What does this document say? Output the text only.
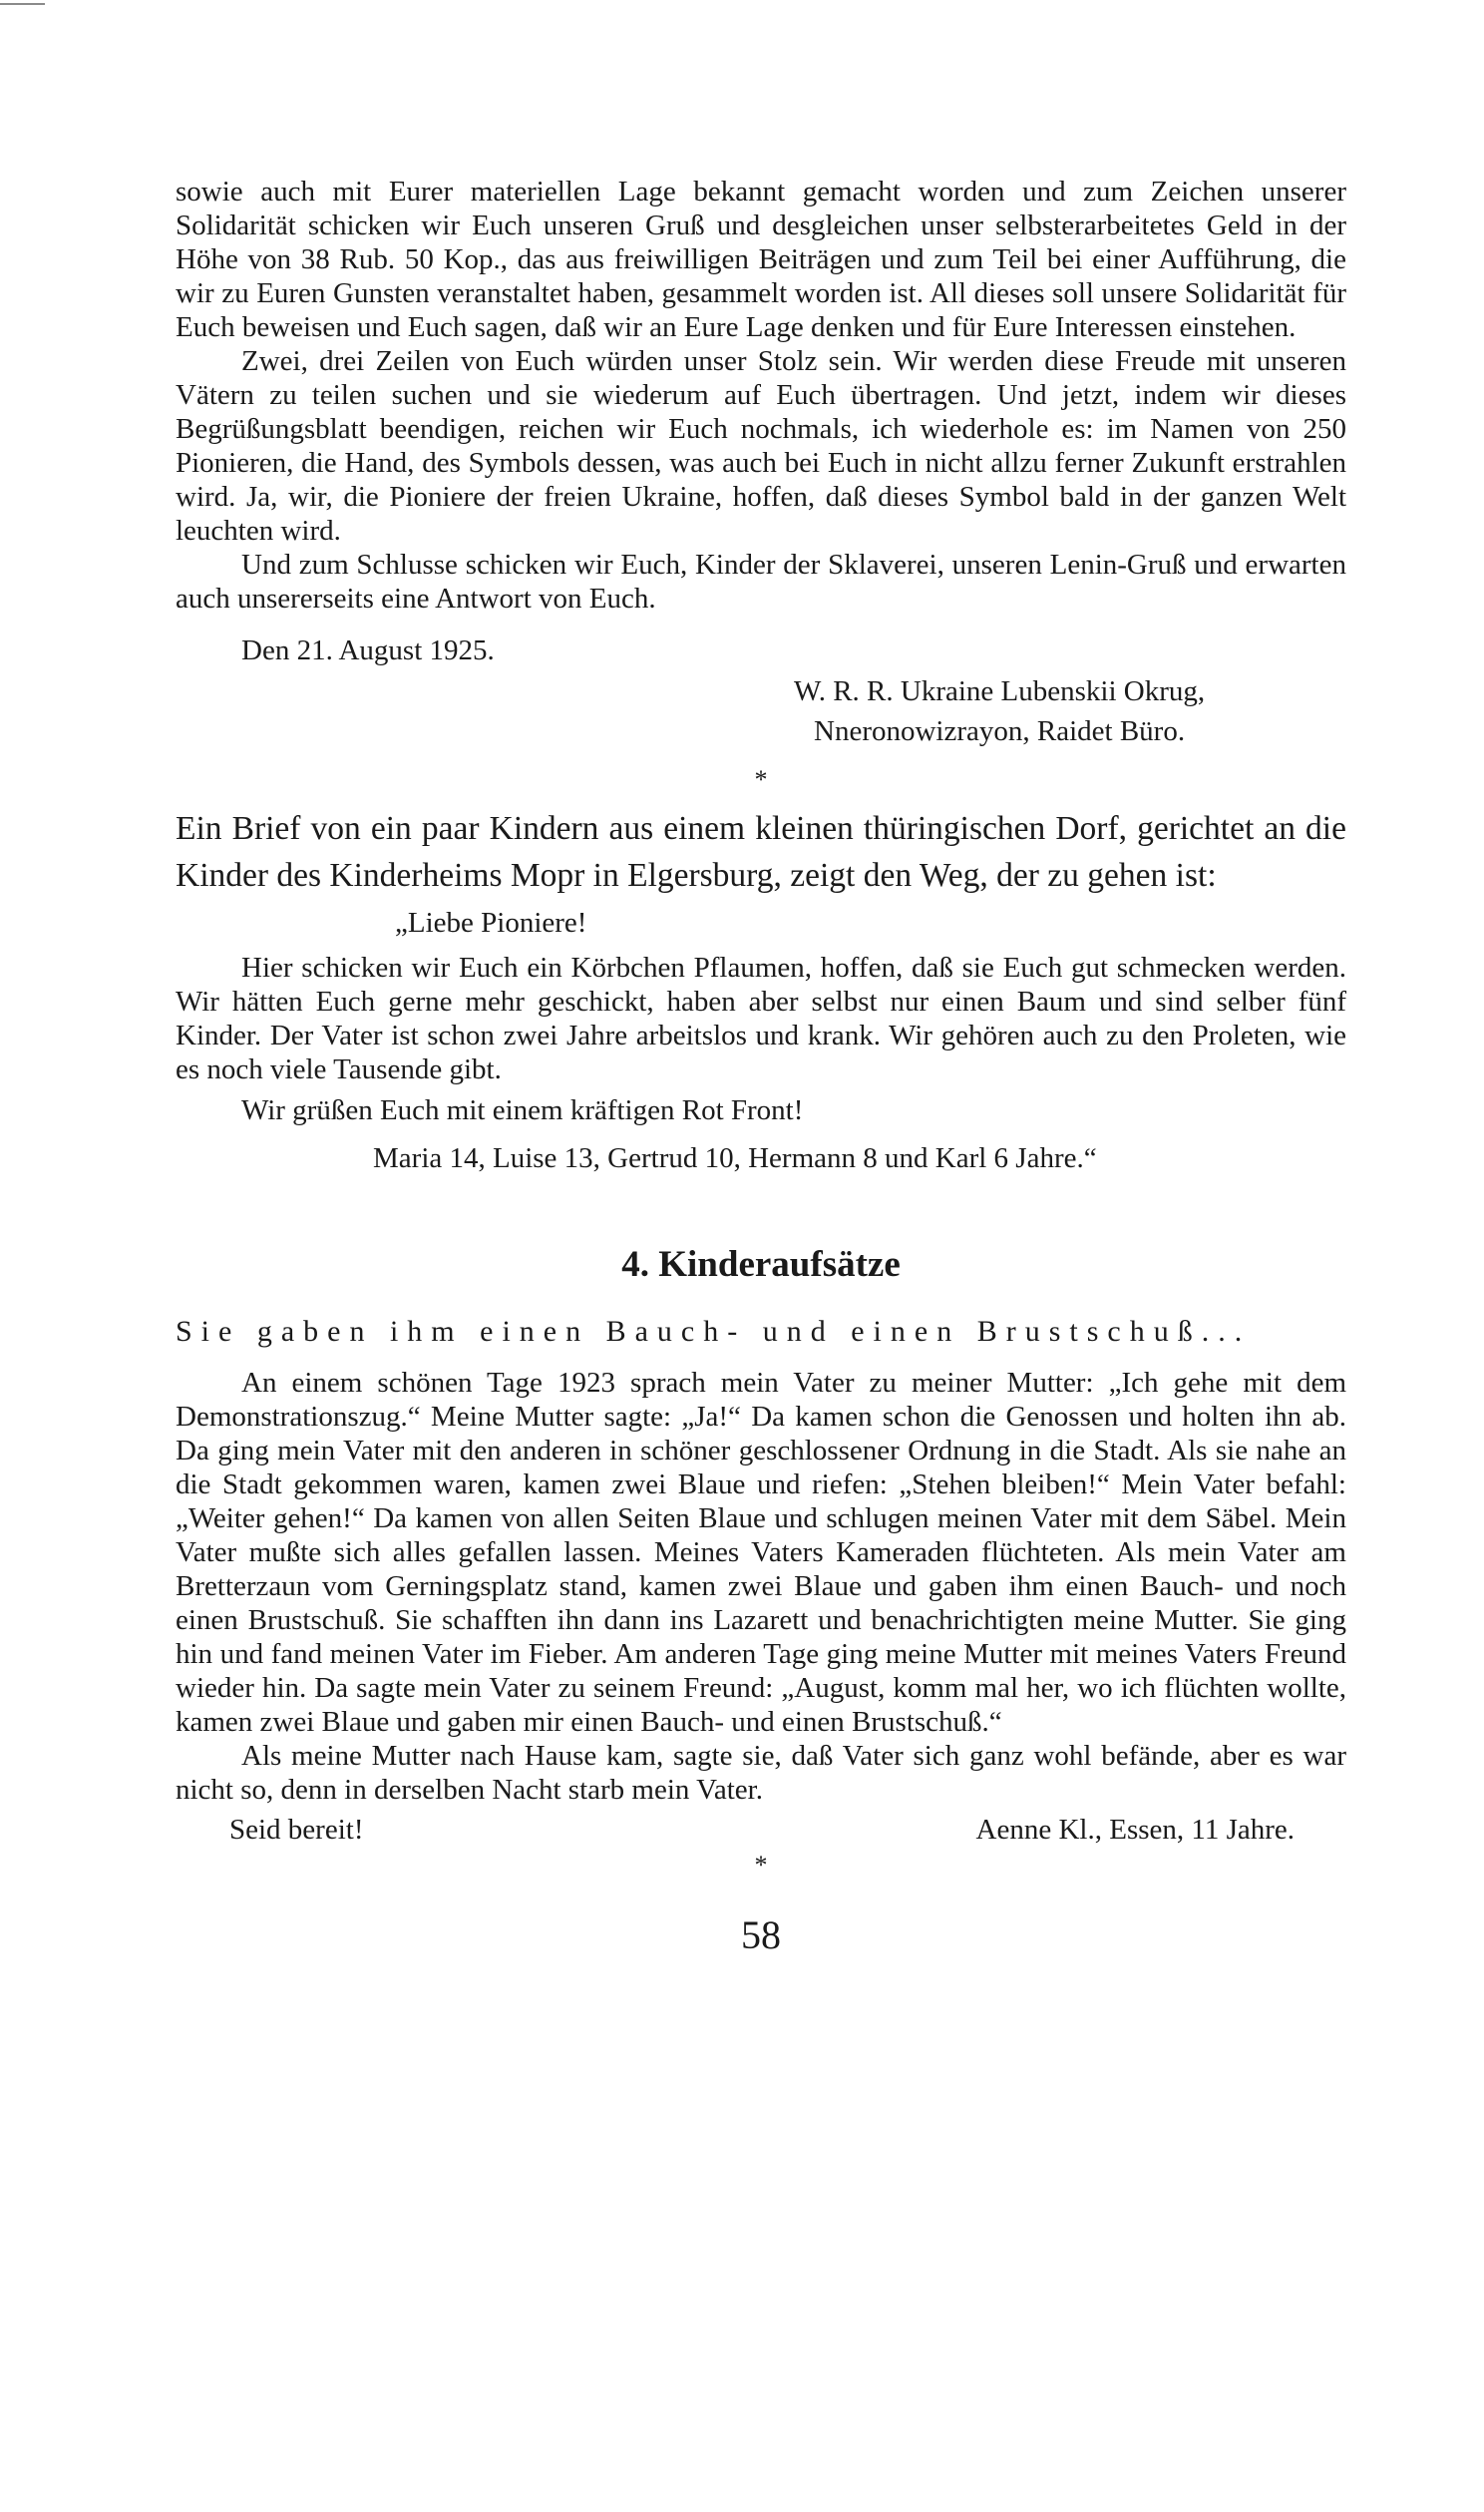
sowie auch mit Eurer materiellen Lage bekannt gemacht worden und zum Zeichen unserer Solidarität schicken wir Euch unseren Gruß und desgleichen unser selbsterarbeitetes Geld in der Höhe von 38 Rub. 50 Kop., das aus freiwilligen Beiträgen und zum Teil bei einer Aufführung, die wir zu Euren Gunsten veranstaltet haben, gesammelt worden ist. All dieses soll unsere Solidarität für Euch beweisen und Euch sagen, daß wir an Eure Lage denken und für Eure Interessen einstehen.

Zwei, drei Zeilen von Euch würden unser Stolz sein. Wir werden diese Freude mit unseren Vätern zu teilen suchen und sie wiederum auf Euch übertragen. Und jetzt, indem wir dieses Begrüßungsblatt beendigen, reichen wir Euch nochmals, ich wiederhole es: im Namen von 250 Pionieren, die Hand, des Symbols dessen, was auch bei Euch in nicht allzu ferner Zukunft erstrahlen wird. Ja, wir, die Pioniere der freien Ukraine, hoffen, daß dieses Symbol bald in der ganzen Welt leuchten wird.

Und zum Schlusse schicken wir Euch, Kinder der Sklaverei, unseren Lenin-Gruß und erwarten auch unsererseits eine Antwort von Euch.

Den 21. August 1925.
W. R. R. Ukraine Lubenskii Okrug,
Nneronowizrayon, Raidet Büro.
*

Ein Brief von ein paar Kindern aus einem kleinen thüringischen Dorf, gerichtet an die Kinder des Kinderheims Mopr in Elgersburg, zeigt den Weg, der zu gehen ist:

„Liebe Pioniere!

Hier schicken wir Euch ein Körbchen Pflaumen, hoffen, daß sie Euch gut schmecken werden. Wir hätten Euch gerne mehr geschickt, haben aber selbst nur einen Baum und sind selber fünf Kinder. Der Vater ist schon zwei Jahre arbeitslos und krank. Wir gehören auch zu den Proleten, wie es noch viele Tausende gibt.

Wir grüßen Euch mit einem kräftigen Rot Front!
Maria 14, Luise 13, Gertrud 10, Hermann 8 und Karl 6 Jahre.“
4. Kinderaufsätze
Sie gaben ihm einen Bauch- und einen Brustschuß...

An einem schönen Tage 1923 sprach mein Vater zu meiner Mutter: „Ich gehe mit dem Demonstrationszug.“ Meine Mutter sagte: „Ja!“ Da kamen schon die Genossen und holten ihn ab. Da ging mein Vater mit den anderen in schöner geschlossener Ordnung in die Stadt. Als sie nahe an die Stadt gekommen waren, kamen zwei Blaue und riefen: „Stehen bleiben!“ Mein Vater befahl: „Weiter gehen!“ Da kamen von allen Seiten Blaue und schlugen meinen Vater mit dem Säbel. Mein Vater mußte sich alles gefallen lassen. Meines Vaters Kameraden flüchteten. Als mein Vater am Bretterzaun vom Gerningsplatz stand, kamen zwei Blaue und gaben ihm einen Bauch- und noch einen Brustschuß. Sie schafften ihn dann ins Lazarett und benachrichtigten meine Mutter. Sie ging hin und fand meinen Vater im Fieber. Am anderen Tage ging meine Mutter mit meines Vaters Freund wieder hin. Da sagte mein Vater zu seinem Freund: „August, komm mal her, wo ich flüchten wollte, kamen zwei Blaue und gaben mir einen Bauch- und einen Brustschuß.“

Als meine Mutter nach Hause kam, sagte sie, daß Vater sich ganz wohl befände, aber es war nicht so, denn in derselben Nacht starb mein Vater.

Seid bereit!	Aenne Kl., Essen, 11 Jahre.
*
58
